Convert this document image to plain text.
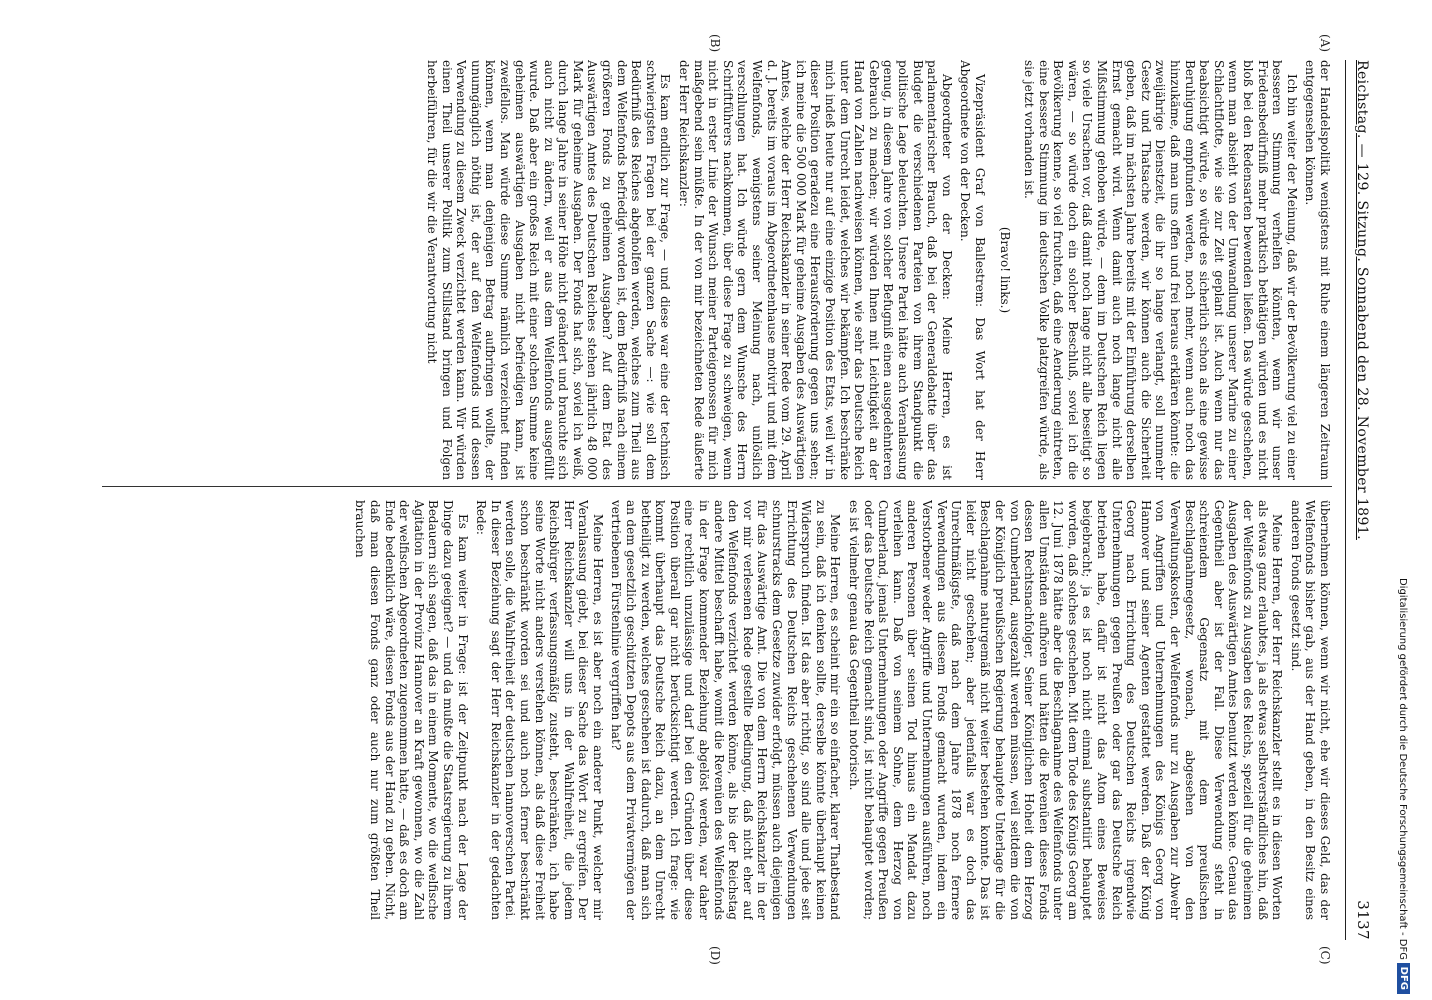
Reichstag. — 129. Sitzung. Sonnabend den 28. November 1891.
3137
(A)
(B)
(C)
(D)

der Handelspolitik wenigstens mit Ruhe einem längeren Zeitraum entgegensehen können.

Ich bin weiter der Meinung, daß wir der Bevölkerung viel zu einer besseren Stimmung verhelfen könnten, wenn wir unser Friedensbedürfniß mehr praktisch bethätigen würden und es nicht bloß bei den Redensarten bewenden ließen. Das würde geschehen, wenn man absieht von der Umwandlung unserer Marine zu einer Schlachtflotte, wie sie zur Zeit geplant ist. Auch wenn nur das beabsichtigt würde, so würde es sicherlich schon als eine gewisse Beruhigung empfunden werden, noch mehr, wenn auch noch das hinzukäme, daß man uns offen und frei heraus erklären könnte: die zweijährige Dienstzeit, die ihr so lange verlangt, soll nunmehr Gesetz und Thatsache werden, wir können auch die Sicherheit geben, daß im nächsten Jahre bereits mit der Einführung derselben Ernst gemacht wird. Wenn damit auch noch lange nicht alle Mißstimmung gehoben würde, — denn im Deutschen Reich liegen so viele Ursachen vor, daß damit noch lange nicht alle beseitigt so wären, — so würde doch ein solcher Beschluß, soviel ich die Bevölkerung kenne, so viel fruchten, daß eine Aenderung eintreten, eine bessere Stimmung im deutschen Volke platzgreifen würde, als sie jetzt vorhanden ist.

(Bravo! links.)

Vizepräsident Graf von Ballestrem: Das Wort hat der Herr Abgeordnete von der Decken.

Abgeordneter von der Decken: Meine Herren, es ist parlamentarischer Brauch, daß bei der Generaldebatte über das Budget die verschiedenen Parteien von ihrem Standpunkt die politische Lage beleuchten. Unsere Partei hätte auch Veranlassung genug, in diesem Jahre von solcher Befugniß einen ausgedehnteren Gebrauch zu machen; wir würden Ihnen mit Leichtigkeit an der Hand von Zahlen nachweisen können, wie sehr das Deutsche Reich unter dem Unrecht leidet, welches wir bekämpfen. Ich beschränke mich indeß heute nur auf eine einzige Position des Etats, weil wir in dieser Position geradezu eine Herausforderung gegen uns sehen; ich meine die 500 000 Mark für geheime Ausgaben des Auswärtigen Amtes, welche der Herr Reichskanzler in seiner Rede vom 29. April d. J. bereits im voraus im Abgeordnetenhause motivirt und mit dem Welfenfonds, wenigstens seiner Meinung nach, unlöslich verschlungen hat. Ich würde gern dem Wunsche des Herrn Schriftführers nachkommen, über diese Frage zu schweigen, wenn nicht in erster Linie der Wunsch meiner Parteigenossen für mich maßgebend sein müßte. In der von mir bezeichneten Rede äußerte der Herr Reichskanzler:

Es kam endlich zur Frage, — und diese war eine der technisch schwierigsten Fragen bei der ganzen Sache —: wie soll dem Bedürfniß des Reiches abgeholfen werden, welches zum Theil aus dem Welfenfonds befriedigt worden ist, dem Bedürfniß nach einem größeren Fonds zu geheimen Ausgaben? Auf dem Etat des Auswärtigen Amtes des Deutschen Reiches stehen jährlich 48 000 Mark für geheime Ausgaben. Der Fonds hat sich, soviel ich weiß, durch lange Jahre in seiner Höhe nicht geändert und brauchte sich auch nicht zu ändern, weil er aus dem Welfenfonds ausgefüllt wurde. Daß aber ein großes Reich mit einer solchen Summe keine geheimen auswärtigen Ausgaben nicht befriedigen kann, ist zweifellos. Man würde diese Summe nämlich verzeichnet finden können, wenn man denjenigen Betrag aufbringen wollte, der unumgänglich nöthig ist, der auf den Welfenfonds und dessen Verwendung zu diesem Zweck verzichtet werden kann. Wir würden einen Theil unserer Politik zum Stillstand bringen und Folgen herbeiführen, für die wir die Verantwortung nicht

übernehmen können, wenn wir nicht, ehe wir dieses Geld, das der Welfenfonds bisher gab, aus der Hand geben, in den Besitz eines anderen Fonds gesetzt sind.

Meine Herren, der Herr Reichskanzler stellt es in diesen Worten als etwas ganz erlaubtes, ja als etwas selbstverständliches hin, daß der Welfenfonds zu Ausgaben des Reichs, speziell für die geheimen Ausgaben des Auswärtigen Amtes benutzt werden könne. Genau das Gegentheil aber ist der Fall. Diese Verwendung steht in schreiendem Gegensatz mit dem preußischen Beschlagnahmegesetz, wonach, abgesehen von den Verwaltungskosten, der Welfenfonds nur zu Ausgaben zur Abwehr von Angriffen und Unternehmungen des Königs Georg von Hannover und seiner Agenten gestattet werden. Daß der König Georg nach Errichtung des Deutschen Reichs irgendwie Unternehmungen gegen Preußen oder gar das Deutsche Reich betrieben habe, dafür ist nicht das Atom eines Beweises beigebracht; ja es ist noch nicht einmal substantiirt behauptet worden, daß solches geschehen. Mit dem Tode des Königs Georg am 12. Juni 1878 hätte aber die Beschlagnahme des Welfenfonds unter allen Umständen aufhören und hätten die Revenüen dieses Fonds dessen Rechtsnachfolger, Seiner Königlichen Hoheit dem Herzog von Cumberland, ausgezahlt werden müssen, weil seitdem die von der Königlich preußischen Regierung behauptete Unterlage für die Beschlagnahme naturgemäß nicht weiter bestehen konnte. Das ist leider nicht geschehen; aber jedenfalls war es doch das Unrechtmäßigste, daß nach dem Jahre 1878 noch fernere Verwendungen aus diesem Fonds gemacht wurden, indem ein Verstorbener weder Angriffe und Unternehmungen ausführen, noch anderen Personen über seinen Tod hinaus ein Mandat dazu verleihen kann. Daß von seinem Sohne, dem Herzog von Cumberland, jemals Unternehmungen oder Angriffe gegen Preußen oder das Deutsche Reich gemacht sind, ist nicht behauptet worden; es ist vielmehr genau das Gegentheil notorisch.

Meine Herren, es scheint mir ein so einfacher, klarer Thatbestand zu sein, daß ich denken sollte, derselbe könnte überhaupt keinen Widerspruch finden. Ist das aber richtig, so sind alle und jede seit Errichtung des Deutschen Reichs geschehenen Verwendungen schnurstracks dem Gesetze zuwider erfolgt, müssen auch diejenigen für das Auswärtige Amt. Die von dem Herrn Reichskanzler in der vor mir verlesenen Rede gestellte Bedingung, daß nicht eher auf den Welfenfonds verzichtet werden könne, als bis der Reichstag andere Mittel beschafft habe, womit die Revenüen des Welfenfonds in der Frage kommender Beziehung abgelöst werden, war daher eine rechtlich unzulässige und darf bei den Gründen über diese Position überall gar nicht berücksichtigt werden. Ich frage: wie kommt überhaupt das Deutsche Reich dazu, an dem Unrecht betheiligt zu werden, welches geschehen ist dadurch, daß man sich an dem gesetzlich geschützten Depots aus dem Privatvermögen der vertriebenen Fürstenlinie vergriffen hat?

Meine Herren, es ist aber noch ein anderer Punkt, welcher mir Veranlassung giebt, bei dieser Sache das Wort zu ergreifen. Der Herr Reichskanzler will uns in der Wahlfreiheit, die jedem Reichsbürger verfassungsmäßig zusteht, beschränken, ich habe seine Worte nicht anders verstehen können, als daß diese Freiheit schon beschränkt worden sei und auch noch ferner beschränkt werden solle, die Wahlfreiheit der deutschen hannoverschen Partei. In dieser Beziehung sagt der Herr Reichskanzler in der gedachten Rede:

Es kam weiter in Frage: ist der Zeitpunkt nach der Lage der Dinge dazu geeignet? — und da mußte die Staatsregierung zu ihrem Bedauern sich sagen, daß das in einem Momente, wo die welfische Agitation in der Provinz Hannover an Kraft gewonnen, wo die Zahl der welfischen Abgeordneten zugenommen hatte, — daß es doch am Ende bedenklich wäre, diesen Fonds aus der Hand zu geben. Nicht, daß man diesen Fonds ganz oder auch nur zum größten Theil brauchen

Digitalisierung gefördert durch die Deutsche Forschungsgemeinschaft - DFG
DFG
